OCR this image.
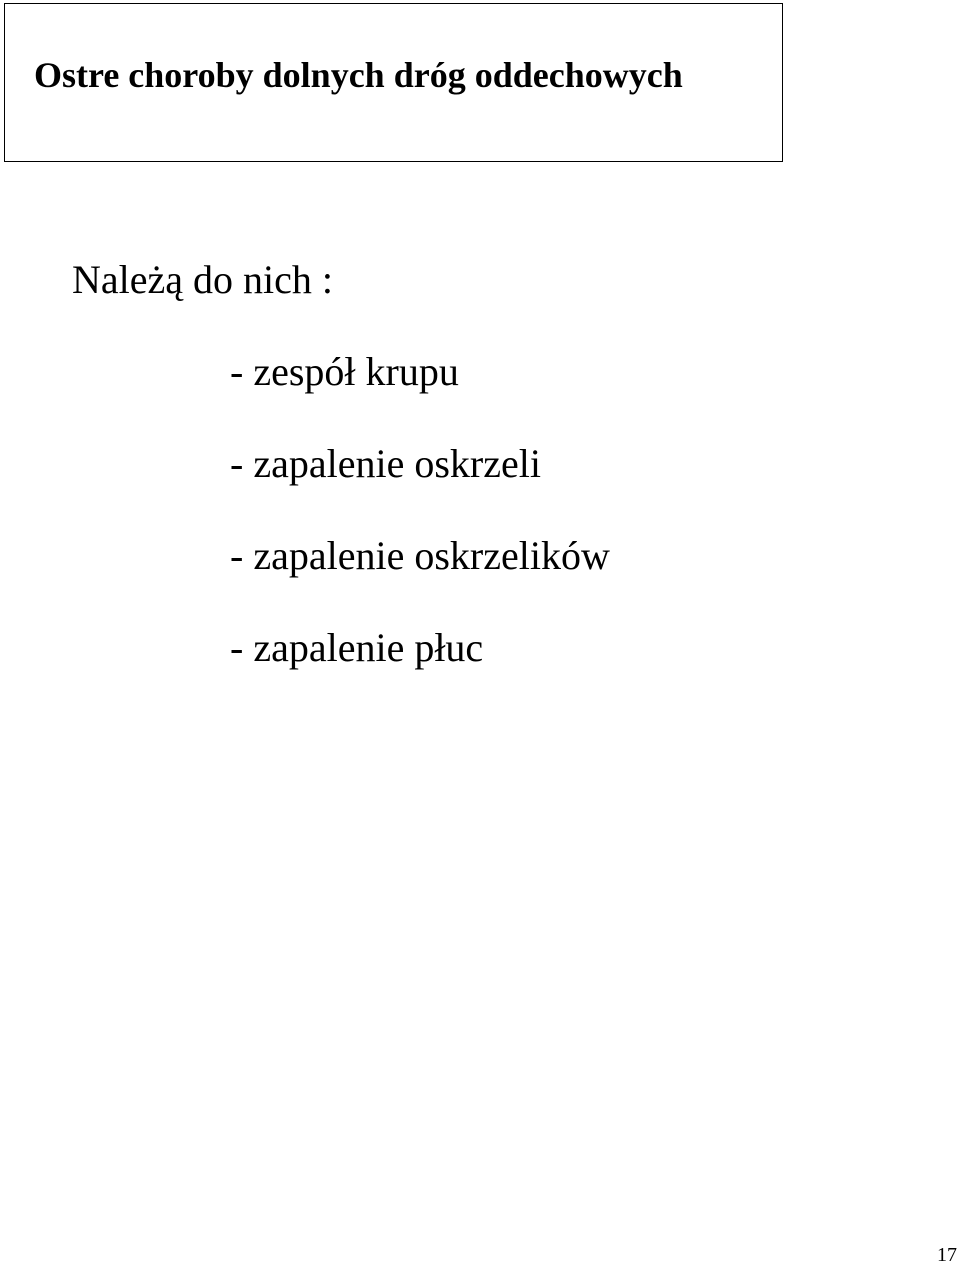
Ostre choroby dolnych dróg oddechowych

Należą do nich :

- zespół krupu
- zapalenie oskrzeli
- zapalenie oskrzelików
- zapalenie płuc
17
